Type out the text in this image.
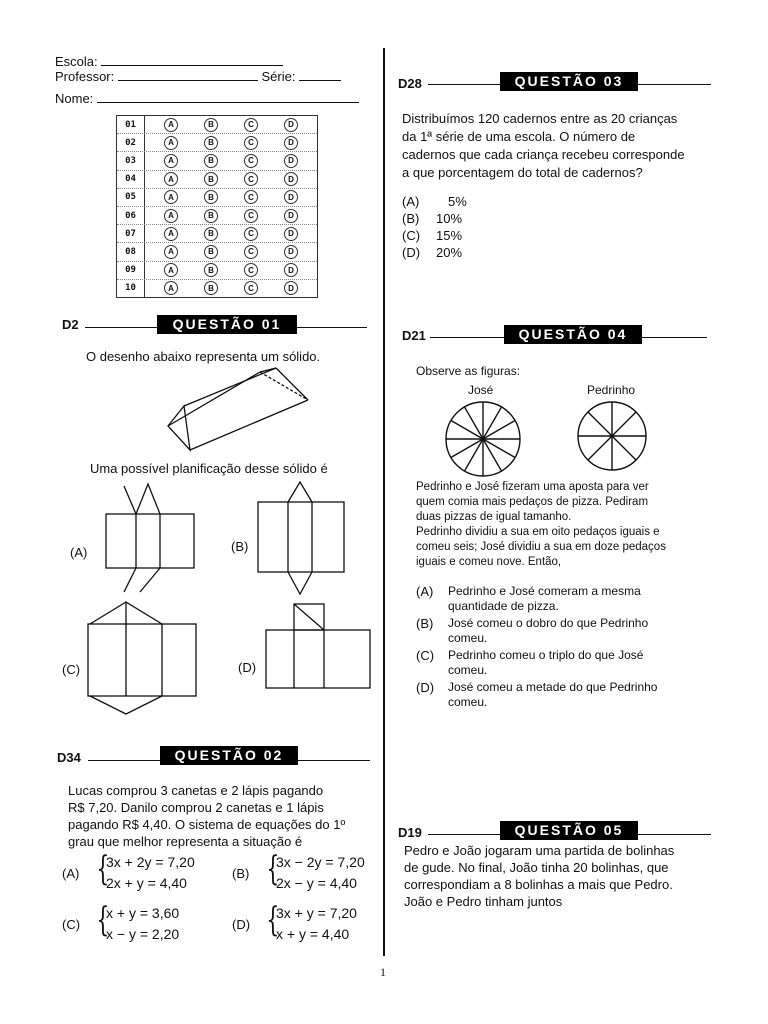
Escola:
Professor:	Série:
Nome:
01	A	B	C	D
02	A	B	C	D
03	A	B	C	D
04	A	B	C	D
05	A	B	C	D
06	A	B	C	D
07	A	B	C	D
08	A	B	C	D
09	A	B	C	D
10	A	B	C	D
D2	QUESTÃO 01
O desenho abaixo representa um sólido.
Uma possível planificação desse sólido é
(A)	(B)
(C)	(D)
D34	QUESTÃO 02
Lucas comprou 3 canetas e 2 lápis pagando
R$ 7,20. Danilo comprou 2 canetas e 1 lápis
pagando R$ 4,40. O sistema de equações do 1º
grau que melhor representa a situação é
(A) {
3x + 2y = 7,20
2x + y = 4,40
(B) {
3x − 2y = 7,20
2x − y = 4,40
(C) {
x + y = 3,60
x − y = 2,20
(D) {
3x + y = 7,20
x + y = 4,40
D28	QUESTÃO 03
Distribuímos 120 cadernos entre as 20 crianças
da 1ª série de uma escola. O número de
cadernos que cada criança recebeu corresponde
a que porcentagem do total de cadernos?
(A) 5%
(B) 10%
(C) 15%
(D) 20%
D21	QUESTÃO 04
Observe as figuras:
José	Pedrinho
Pedrinho e José fizeram uma aposta para ver
quem comia mais pedaços de pizza. Pediram
duas pizzas de igual tamanho.
Pedrinho dividiu a sua em oito pedaços iguais e
comeu seis; José dividiu a sua em doze pedaços
iguais e comeu nove. Então,
(A) Pedrinho e José comeram a mesma
quantidade de pizza.
(B) José comeu o dobro do que Pedrinho
comeu.
(C) Pedrinho comeu o triplo do que José
comeu.
(D) José comeu a metade do que Pedrinho
comeu.
D19	QUESTÃO 05
Pedro e João jogaram uma partida de bolinhas
de gude. No final, João tinha 20 bolinhas, que
correspondiam a 8 bolinhas a mais que Pedro.
João e Pedro tinham juntos
1
